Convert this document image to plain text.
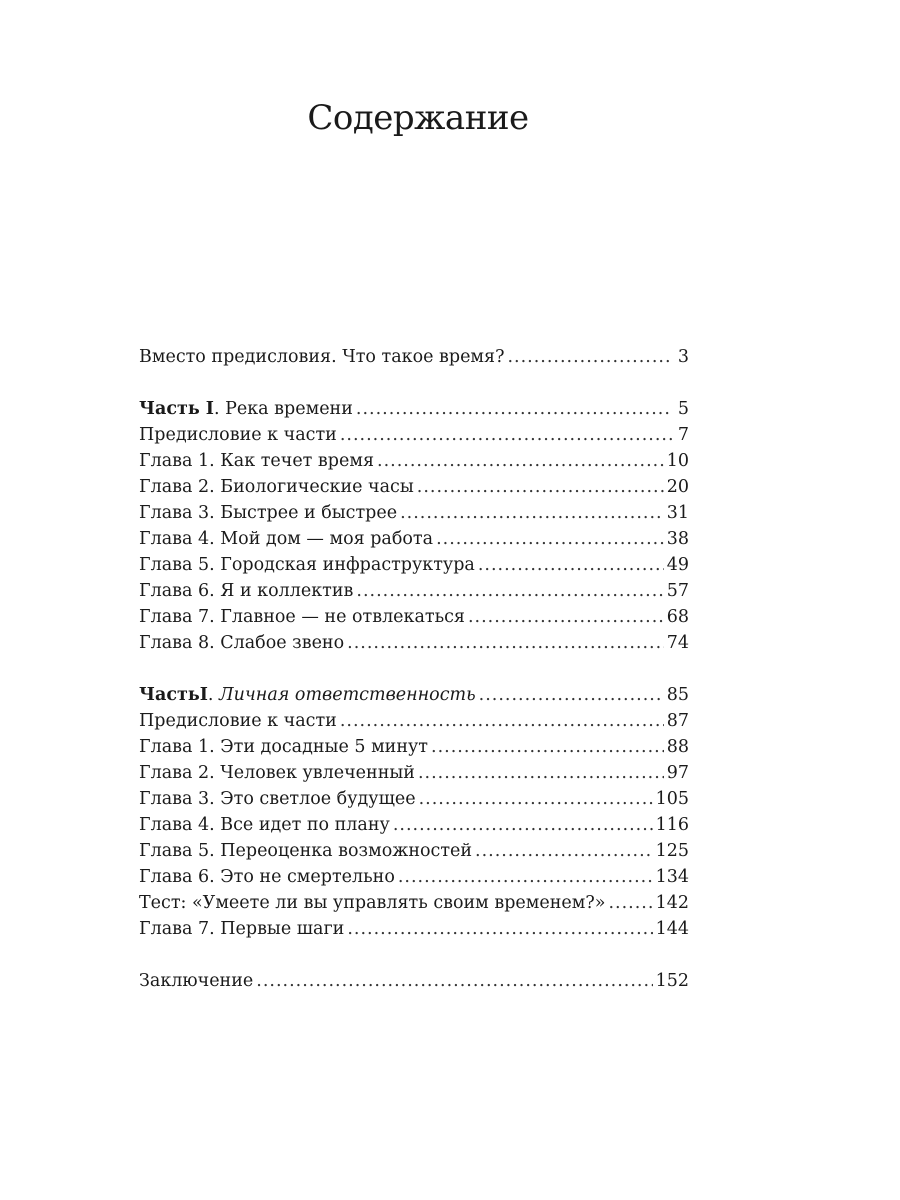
Содержание
Вместо предисловия. Что такое время? .....	3
Часть I. Река времени .....	5
Предисловие к части .....	7
Глава 1. Как течет время .....	10
Глава 2. Биологические часы .....	20
Глава 3. Быстрее и быстрее .....	31
Глава 4. Мой дом — моя работа .....	38
Глава 5. Городская инфраструктура .....	49
Глава 6. Я и коллектив .....	57
Глава 7. Главное — не отвлекаться .....	68
Глава 8. Слабое звено .....	74
ЧастьI. Личная ответственность .....	85
Предисловие к части .....	87
Глава 1. Эти досадные 5 минут .....	88
Глава 2. Человек увлеченный .....	97
Глава 3. Это светлое будущее .....	105
Глава 4. Все идет по плану .....	116
Глава 5. Переоценка возможностей .....	125
Глава 6. Это не смертельно .....	134
Тест: «Умеете ли вы управлять своим временем?» .....	142
Глава 7. Первые шаги .....	144
Заключение .....	152
